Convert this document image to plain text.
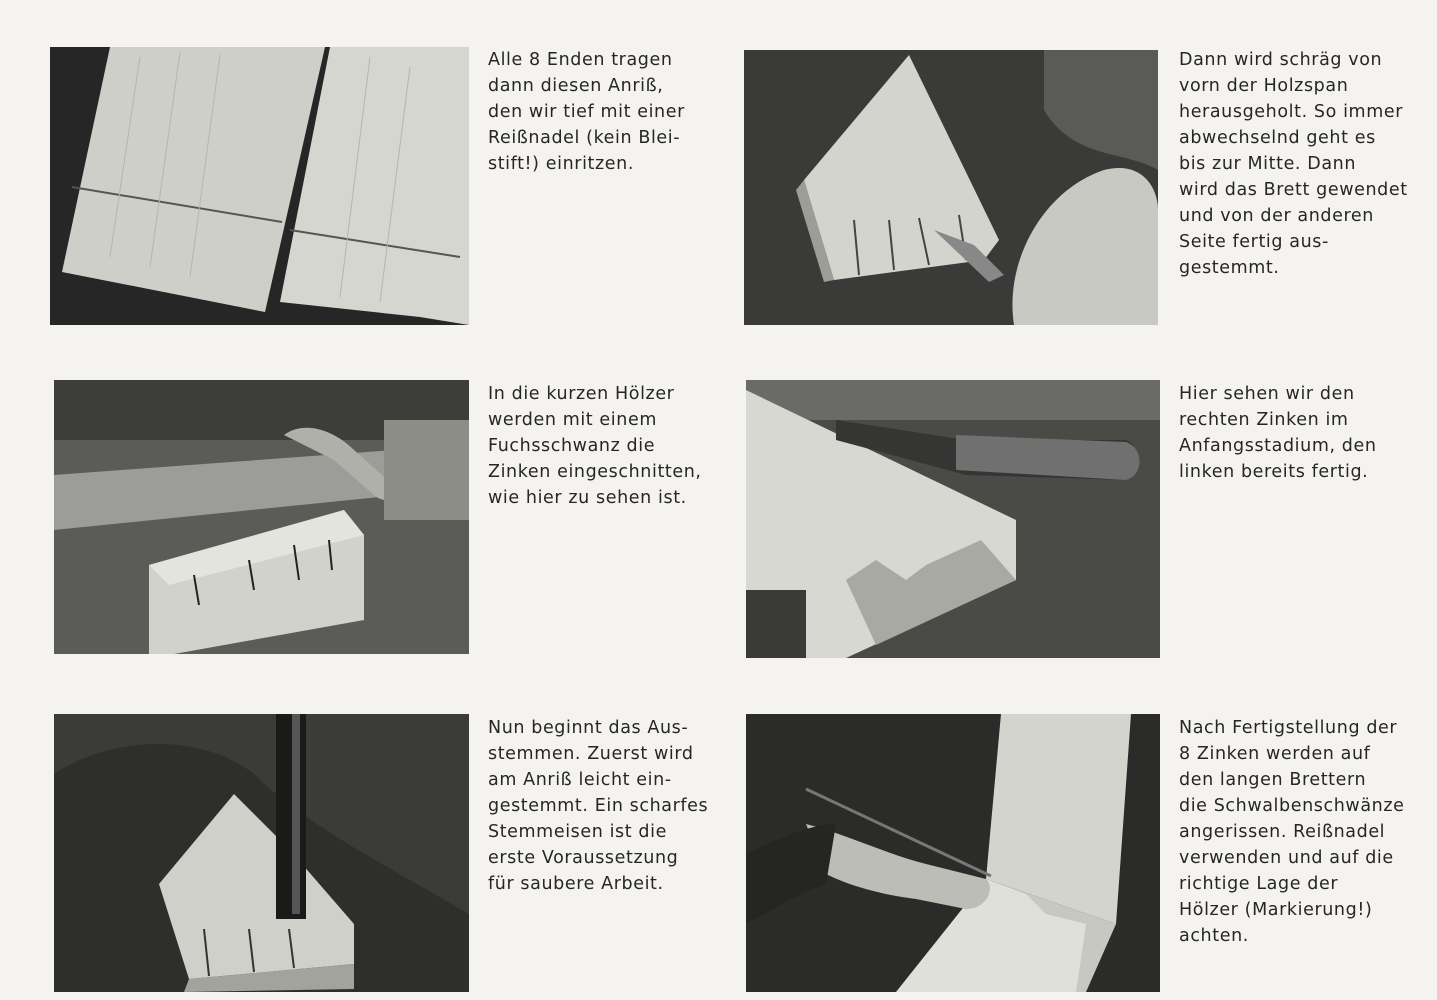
Alle 8 Enden tragen
dann diesen Anriß,
den wir tief mit einer
Reißnadel (kein Blei-
stift!) einritzen.
Dann wird schräg von
vorn der Holzspan
herausgeholt. So immer
abwechselnd geht es
bis zur Mitte. Dann
wird das Brett gewendet
und von der anderen
Seite fertig aus-
gestemmt.
In die kurzen Hölzer
werden mit einem
Fuchsschwanz die
Zinken eingeschnitten,
wie hier zu sehen ist.
Hier sehen wir den
rechten Zinken im
Anfangsstadium, den
linken bereits fertig.
Nun beginnt das Aus-
stemmen. Zuerst wird
am Anriß leicht ein-
gestemmt. Ein scharfes
Stemmeisen ist die
erste Voraussetzung
für saubere Arbeit.
Nach Fertigstellung der
8 Zinken werden auf
den langen Brettern
die Schwalbenschwänze
angerissen. Reißnadel
verwenden und auf die
richtige Lage der
Hölzer (Markierung!)
achten.
